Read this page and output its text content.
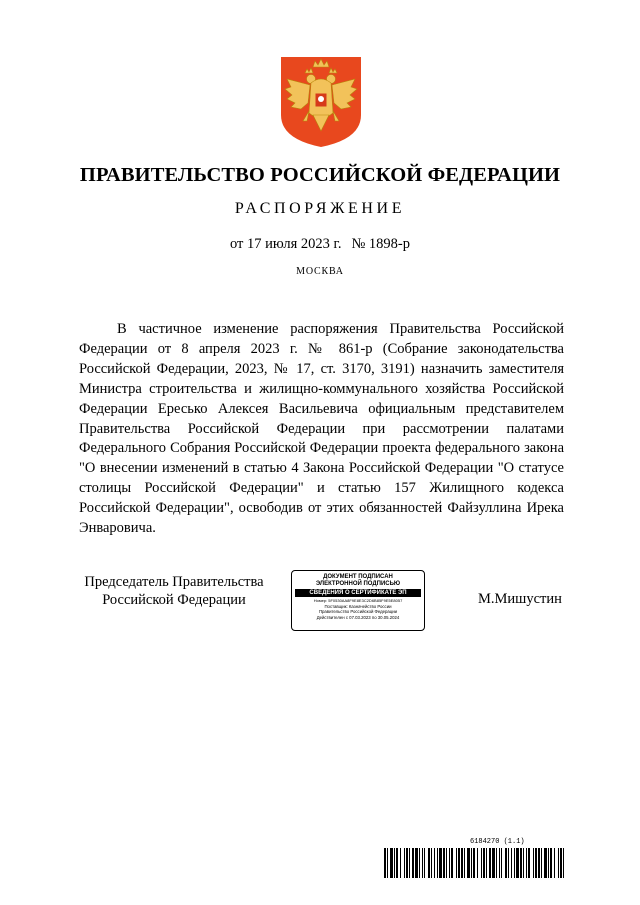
ПРАВИТЕЛЬСТВО РОССИЙСКОЙ ФЕДЕРАЦИИ
РАСПОРЯЖЕНИЕ
от 17 июля 2023 г. № 1898-р
МОСКВА

В частичное изменение распоряжения Правительства Российской Федерации от 8 апреля 2023 г. № 861-р (Собрание законодательства Российской Федерации, 2023, № 17, ст. 3170, 3191) назначить заместителя Министра строительства и жилищно-коммунального хозяйства Российской Федерации Ересько Алексея Васильевича официальным представителем Правительства Российской Федерации при рассмотрении палатами Федерального Собрания Российской Федерации проекта федерального закона "О внесении изменений в статью 4 Закона Российской Федерации "О статусе столицы Российской Федерации" и статью 157 Жилищного кодекса Российской Федерации", освободив от этих обязанностей Файзуллина Ирека Энваровича.

Председатель Правительства
Российской Федерации
ДОКУМЕНТ ПОДПИСАН
ЭЛЕКТРОННОЙ ПОДПИСЬЮ
СВЕДЕНИЯ О СЕРТИФИКАТЕ ЭП
Номер: 5F0530AA8F9E8E3C2D6B85F9E5E8057
Поставщик: Казначейство России
Правительство Российской Федерации
Действителен с 07.03.2023 по 30.05.2024
М.Мишустин
6184270 (1.1)
